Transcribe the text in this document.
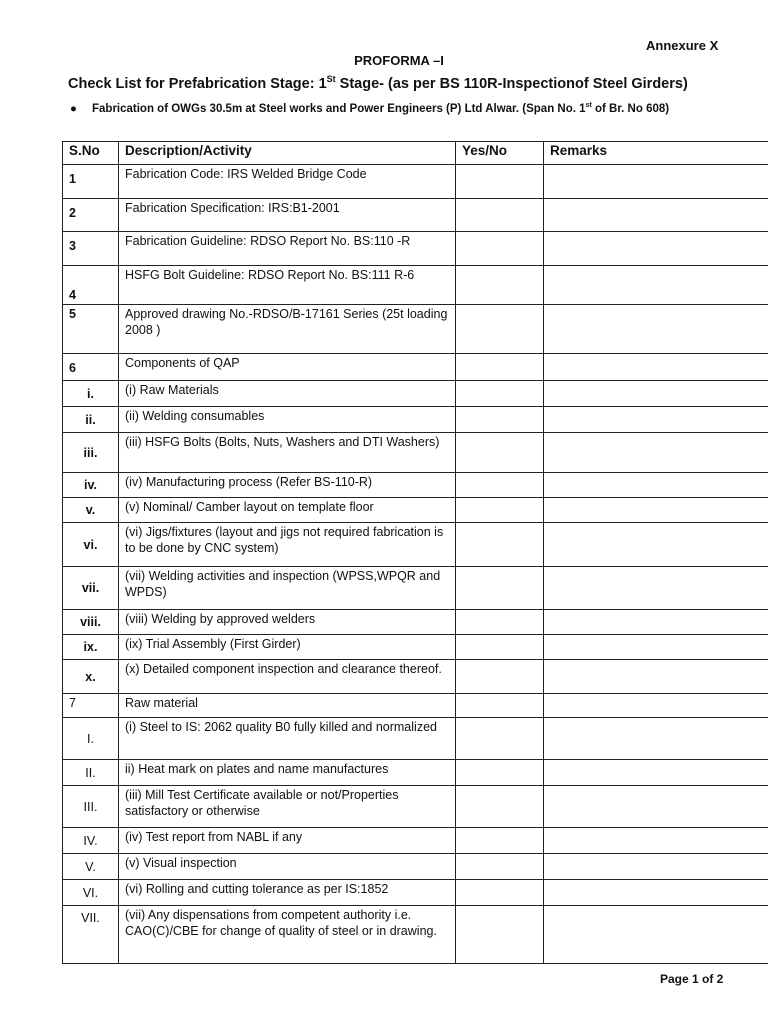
Annexure X
PROFORMA –I
Check List for Prefabrication Stage: 1St Stage- (as per BS 110R-Inspectionof Steel Girders)
● Fabrication of OWGs 30.5m at Steel works and Power Engineers (P) Ltd Alwar. (Span No. 1st of Br. No 608)
S.No	Description/Activity	Yes/No	Remarks
1	Fabrication Code: IRS Welded Bridge Code		
2	Fabrication Specification: IRS:B1-2001		
3	Fabrication Guideline: RDSO Report No. BS:110 -R		
4	HSFG Bolt Guideline: RDSO Report No. BS:111 R-6		
5	Approved drawing No.-RDSO/B-17161 Series (25t loading 2008 )		
6	Components of QAP		
i.	(i) Raw Materials		
ii.	(ii) Welding consumables		
iii.	(iii) HSFG Bolts (Bolts, Nuts, Washers and DTI Washers)		
iv.	(iv) Manufacturing process (Refer BS-110-R)		
v.	(v) Nominal/ Camber layout on template floor		
vi.	(vi) Jigs/fixtures (layout and jigs not required fabrication is to be done by CNC system)		
vii.	(vii) Welding activities and inspection (WPSS,WPQR and WPDS)		
viii.	(viii) Welding by approved welders		
ix.	(ix) Trial Assembly (First Girder)		
x.	(x) Detailed component inspection and clearance thereof.		
7	Raw material		
I.	(i) Steel to IS: 2062 quality B0 fully killed and normalized		
II.	ii) Heat mark on plates and name manufactures		
III.	(iii) Mill Test Certificate available or not/Properties satisfactory or otherwise		
IV.	(iv) Test report from NABL if any		
V.	(v) Visual inspection		
VI.	(vi) Rolling and cutting tolerance as per IS:1852		
VII.	(vii) Any dispensations from competent authority i.e. CAO(C)/CBE for change of quality of steel or in drawing.		
Page 1 of 2
